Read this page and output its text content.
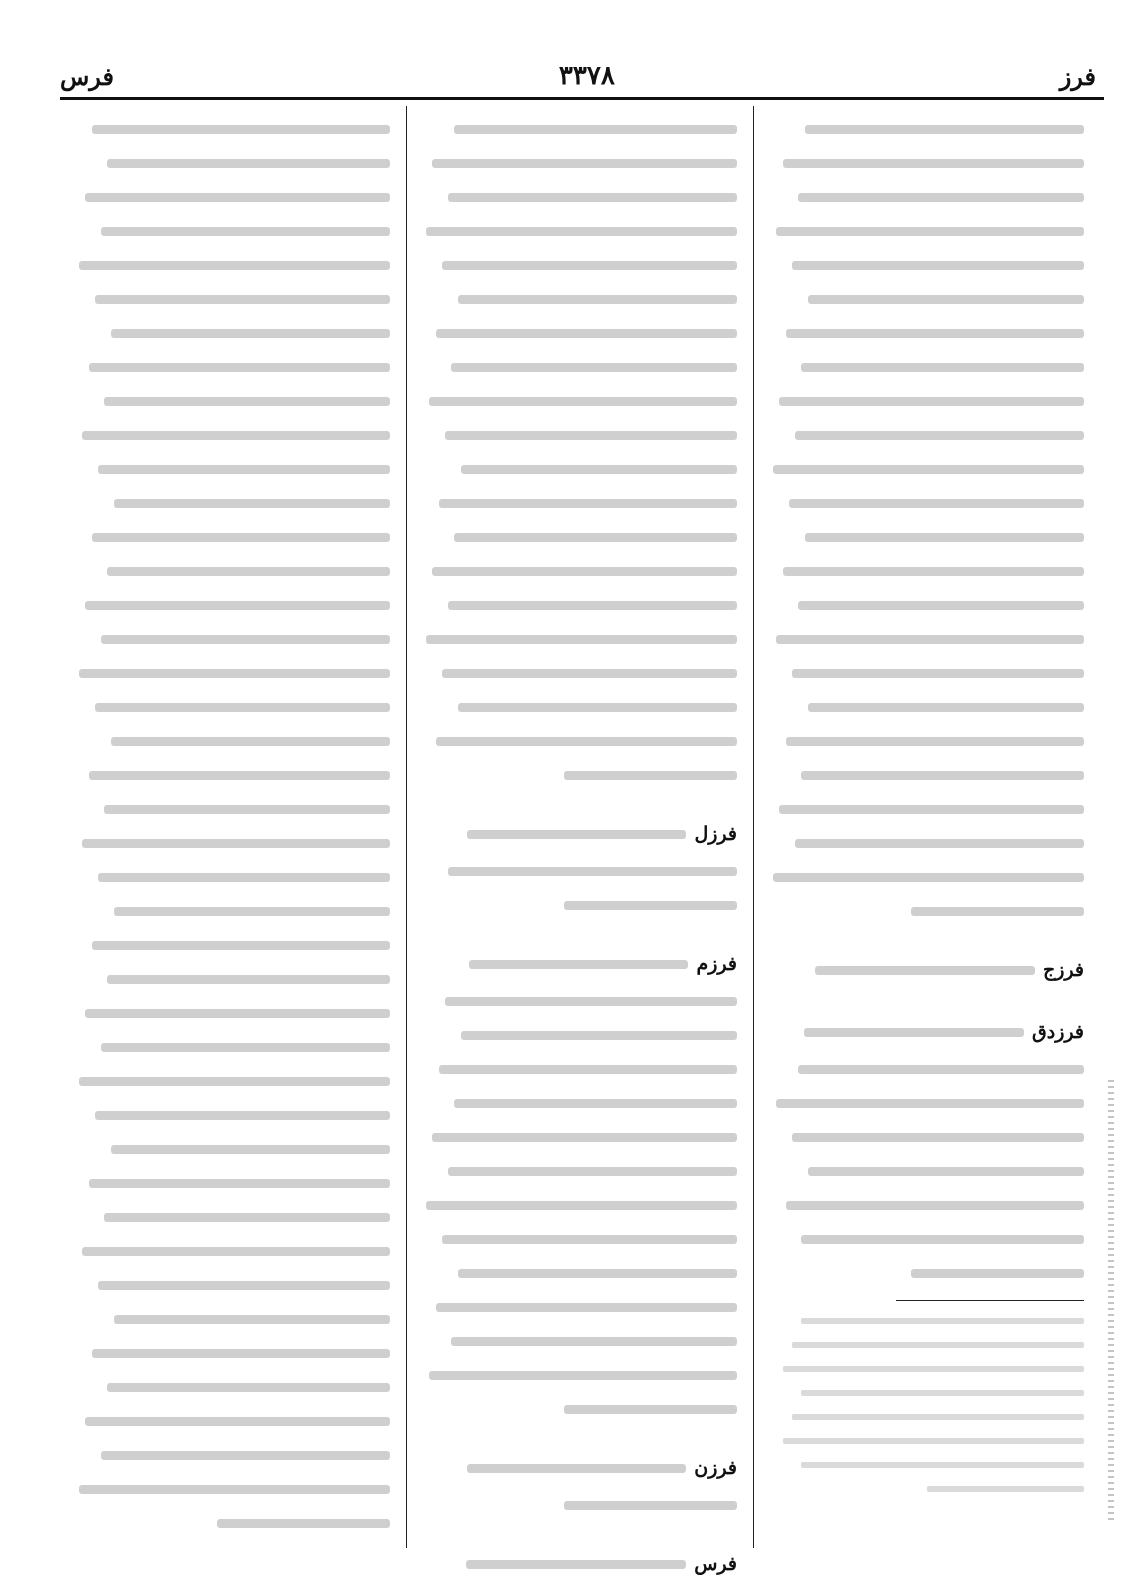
فرز
٣٣٧٨
فرس
فرزج
فرزدق
فرزل
فرزم
فرزن
فرس
